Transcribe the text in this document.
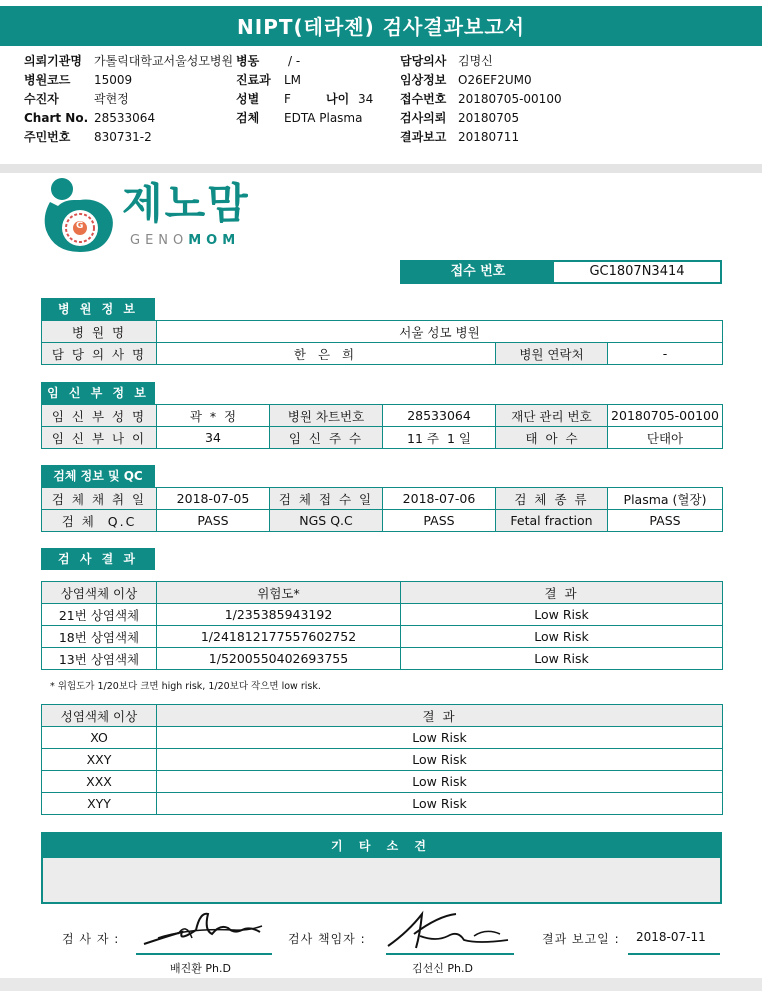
NIPT(테라젠) 검사결과보고서
의뢰기관명 가톨릭대학교서울성모병원
병원코드 15009
수진자	곽현정
Chart No. 28533064
주민번호 830731-2
병동 / -
진료과 LM
성별 F	나이 34
검체 EDTA Plasma
담당의사 김명신
임상정보 O26EF2UM0
접수번호 20180705-00100
검사의뢰 20180705
결과보고 20180711
G 제노맘
GENOMOM
접수 번호	GC1807N3414
병 원 정 보
병 원 명	서울 성모 병원		
담 당 의 사 명	한 은 희	병원 연락처	-
임 신 부 정 보
임 신 부 성 명	곽  *  정	병원 차트번호	28533064	재단 관리 번호	20180705-00100
임 신 부 나 이	34	임 신 주 수	11 주  1 일	태  아  수	단태아
검체 정보 및 QC
검 체 채 취 일	2018-07-05	검 체 접 수 일	2018-07-06	검 체 종 류	Plasma (혈장)
검 체  Q.C	PASS	NGS Q.C	PASS	Fetal fraction	PASS
검 사 결 과
상염색체 이상	위험도*	결 과
21번 상염색체	1/235385943192	Low Risk
18번 상염색체	1/241812177557602752	Low Risk
13번 상염색체	1/5200550402693755	Low Risk
* 위험도가 1/20보다 크면 high risk, 1/20보다 작으면 low risk.
성염색체 이상	결 과
XO	Low Risk
XXY	Low Risk
XXX	Low Risk
XYY	Low Risk
기 타 소 견
검 사 자 :
배진환 Ph.D
검사 책임자 :
김선신 Ph.D
결과 보고일 : 2018-07-11
